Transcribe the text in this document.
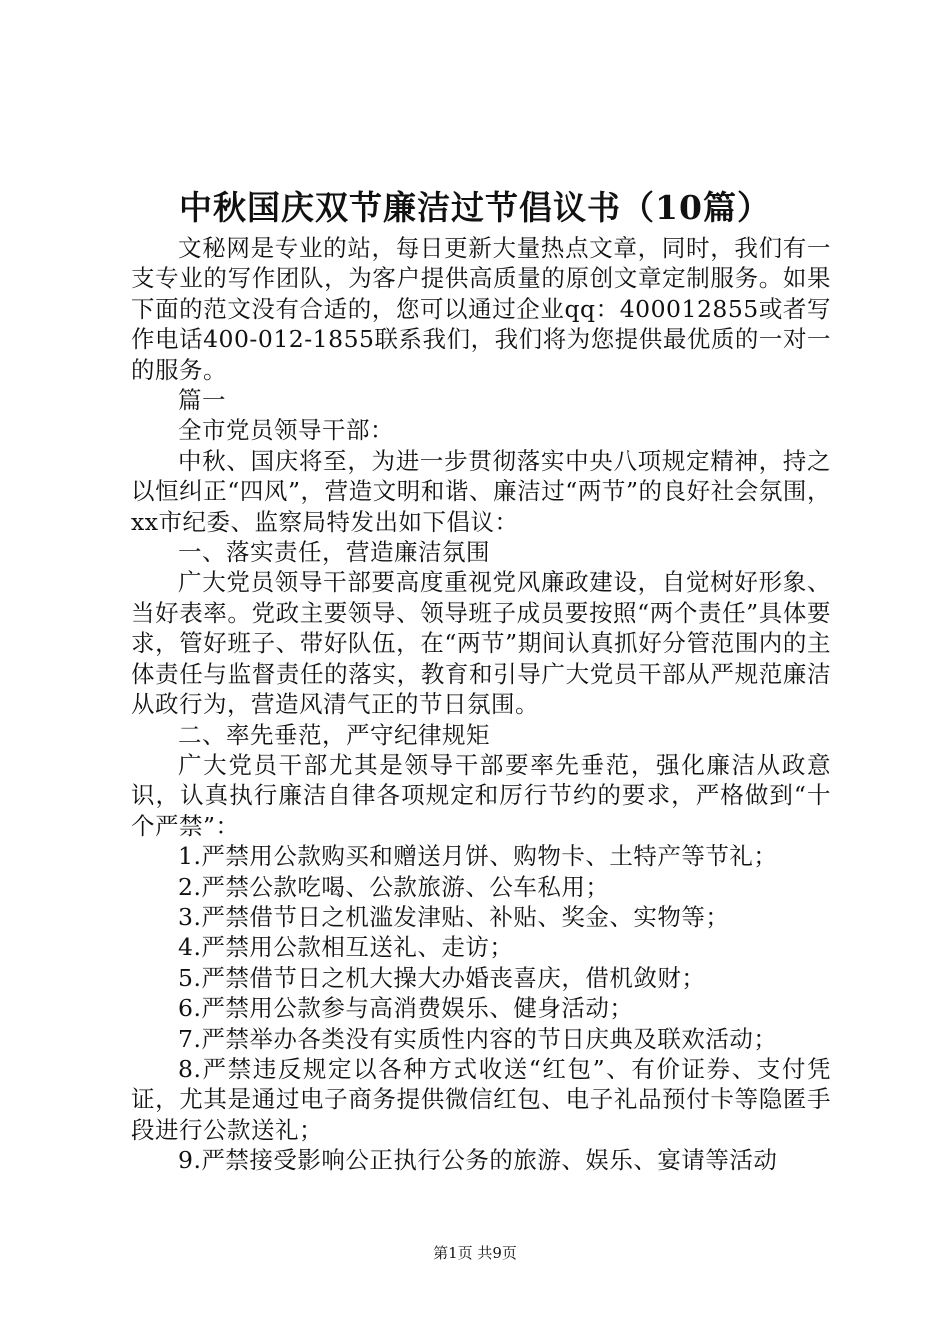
中秋国庆双节廉洁过节倡议书（10篇）

文秘网是专业的站，每日更新大量热点文章，同时，我们有一支专业的写作团队，为客户提供高质量的原创文章定制服务。如果下面的范文没有合适的，您可以通过企业qq：400012855或者写作电话400-012-1855联系我们，我们将为您提供最优质的一对一的服务。

篇一

全市党员领导干部：

中秋、国庆将至，为进一步贯彻落实中央八项规定精神，持之以恒纠正“四风”，营造文明和谐、廉洁过“两节”的良好社会氛围，xx市纪委、监察局特发出如下倡议：

一、落实责任，营造廉洁氛围

广大党员领导干部要高度重视党风廉政建设，自觉树好形象、当好表率。党政主要领导、领导班子成员要按照“两个责任”具体要求，管好班子、带好队伍，在“两节”期间认真抓好分管范围内的主体责任与监督责任的落实，教育和引导广大党员干部从严规范廉洁从政行为，营造风清气正的节日氛围。

二、率先垂范，严守纪律规矩

广大党员干部尤其是领导干部要率先垂范，强化廉洁从政意识，认真执行廉洁自律各项规定和厉行节约的要求，严格做到“十个严禁”：

1.严禁用公款购买和赠送月饼、购物卡、土特产等节礼；

2.严禁公款吃喝、公款旅游、公车私用；

3.严禁借节日之机滥发津贴、补贴、奖金、实物等；

4.严禁用公款相互送礼、走访；

5.严禁借节日之机大操大办婚丧喜庆，借机敛财；

6.严禁用公款参与高消费娱乐、健身活动；

7.严禁举办各类没有实质性内容的节日庆典及联欢活动；

8.严禁违反规定以各种方式收送“红包”、有价证券、支付凭证，尤其是通过电子商务提供微信红包、电子礼品预付卡等隐匿手段进行公款送礼；

9.严禁接受影响公正执行公务的旅游、娱乐、宴请等活动

第1页 共9页
